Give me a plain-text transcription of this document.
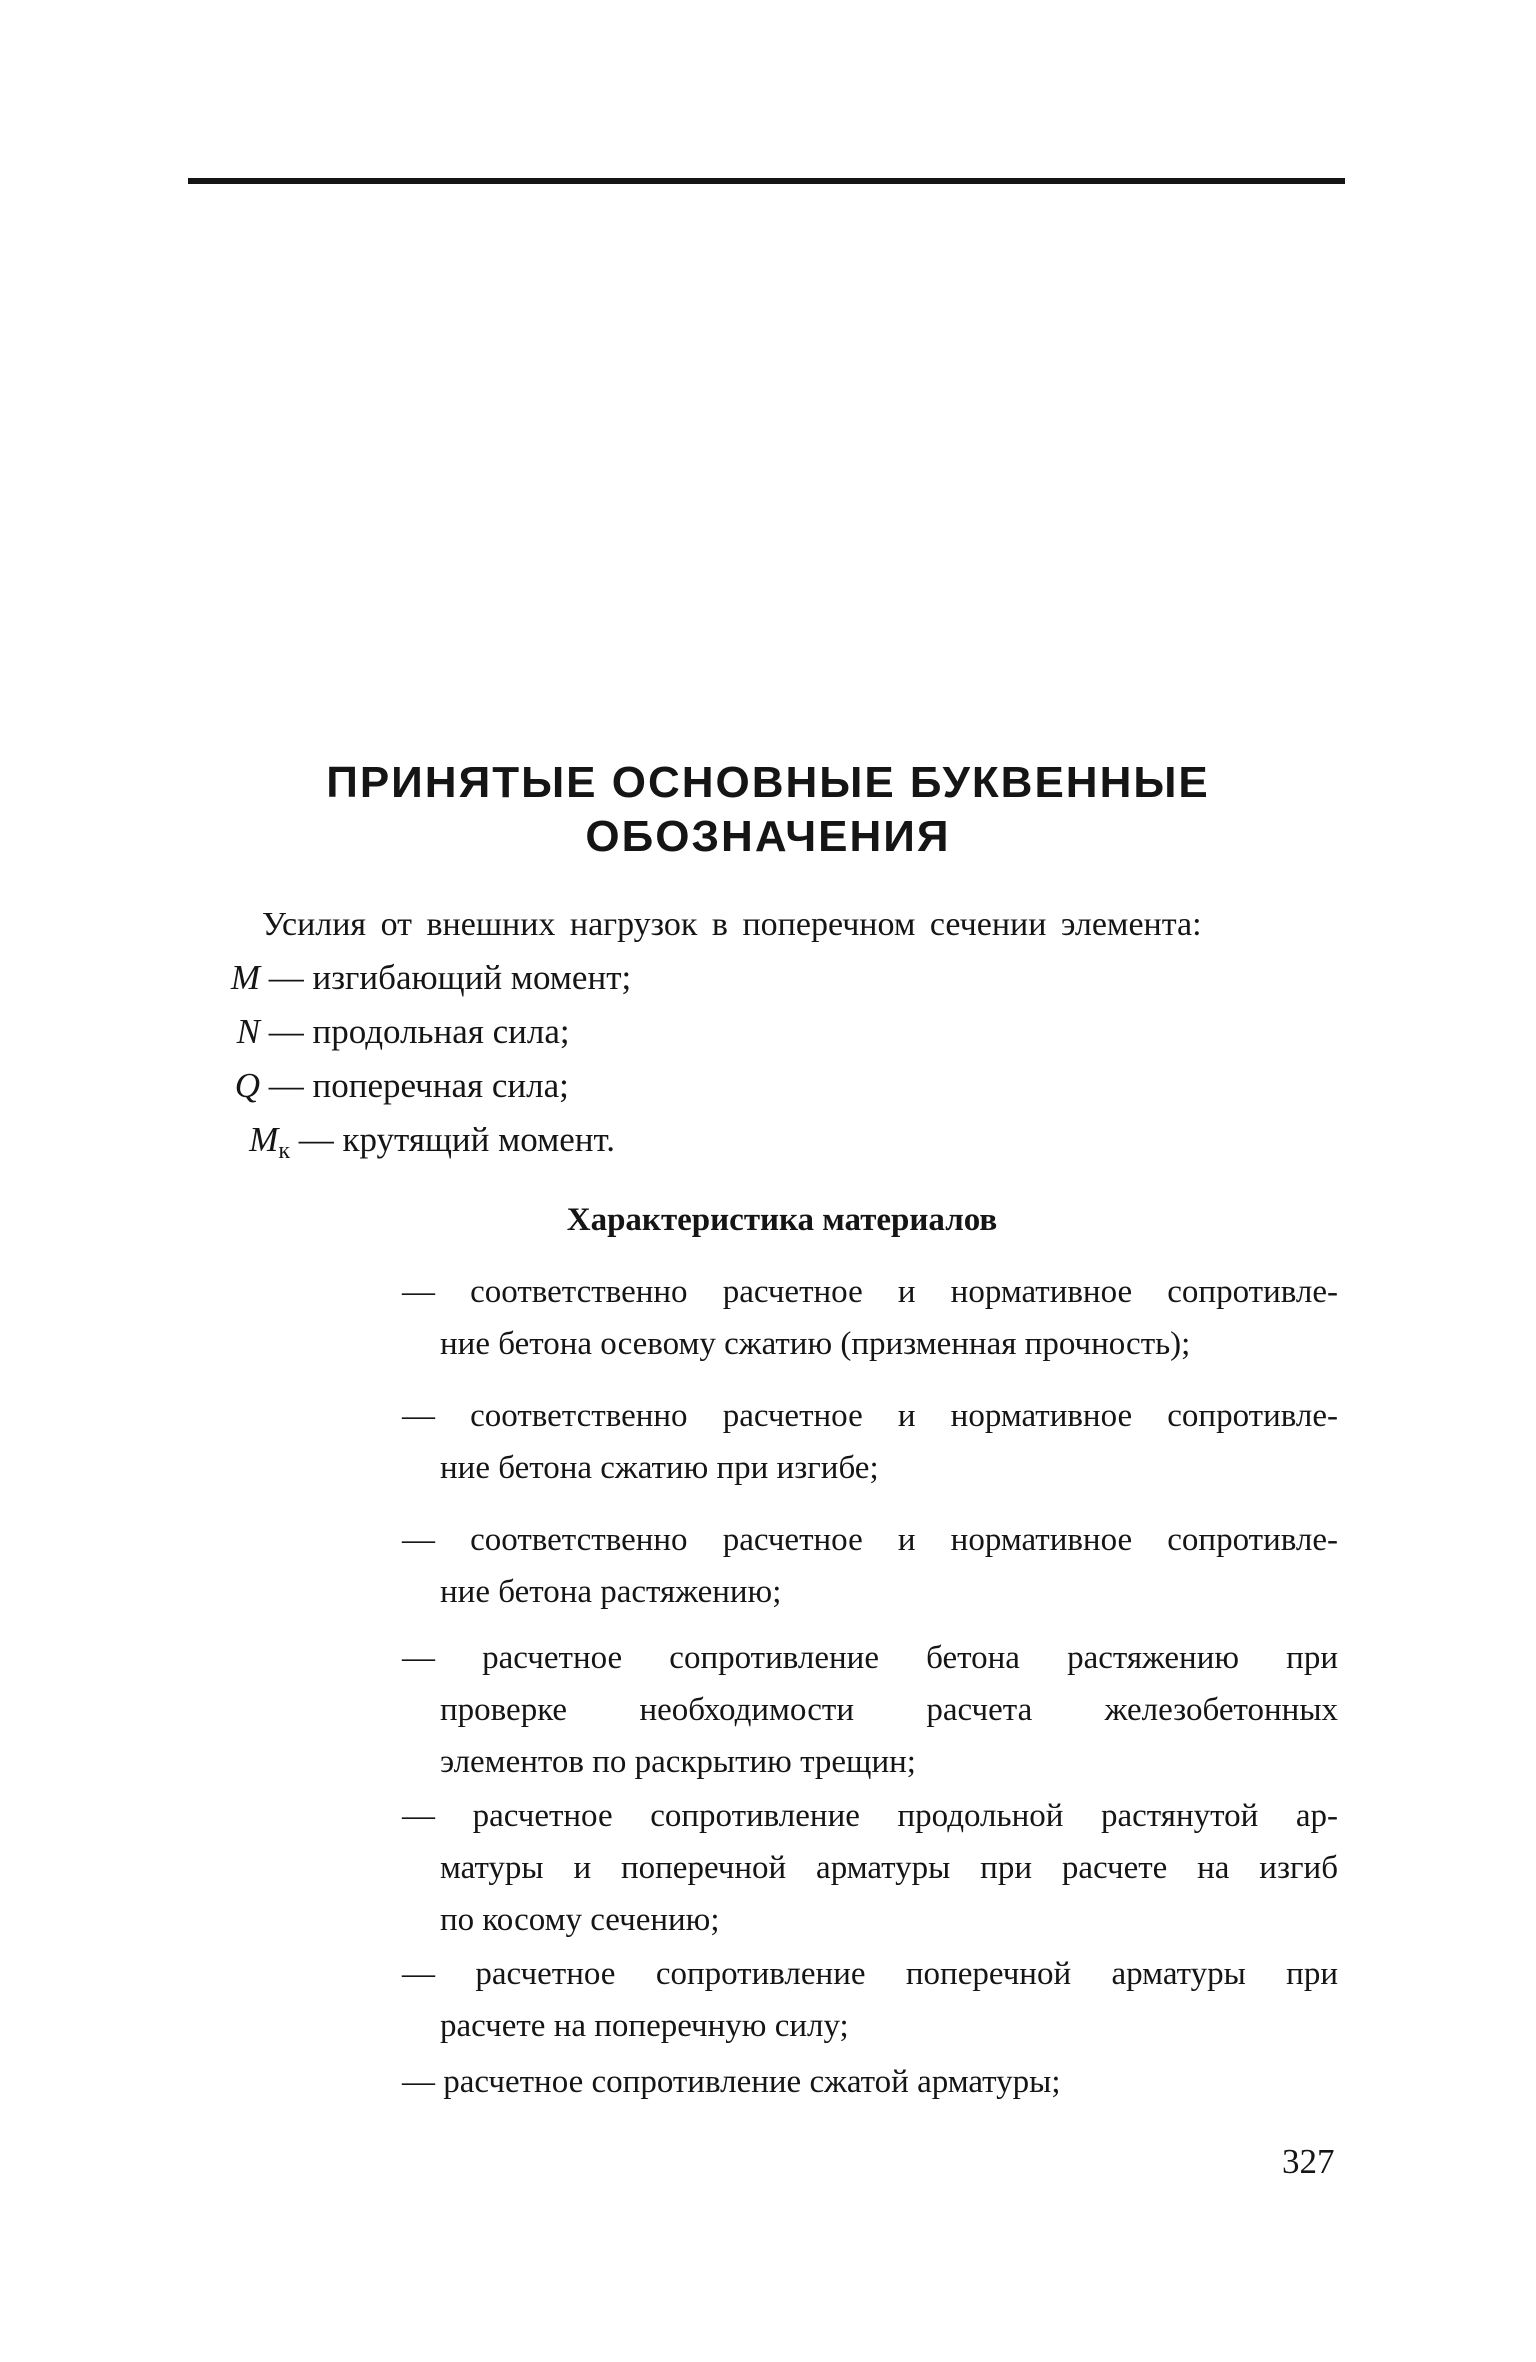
ПРИНЯТЫЕ ОСНОВНЫЕ БУКВЕННЫЕ
ОБОЗНАЧЕНИЯ
Усилия от внешних нагрузок в поперечном сечении элемента:
M — изгибающий момент;
N — продольная сила;
Q — поперечная сила;
$M_к$ — крутящий момент.
Характеристика материалов

— соответственно расчетное и нормативное сопротивле-
ние бетона осевому сжатию (призменная прочность);

— соответственно расчетное и нормативное сопротивле-
ние бетона сжатию при изгибе;

— соответственно расчетное и нормативное сопротивле-
ние бетона растяжению;
— расчетное сопротивление бетона растяжению при
проверке необходимости расчета железобетонных
элементов по раскрытию трещин;
— расчетное сопротивление продольной растянутой ар-
матуры и поперечной арматуры при расчете на изгиб
по косому сечению;
— расчетное сопротивление поперечной арматуры при
расчете на поперечную силу;
— расчетное сопротивление сжатой арматуры;
327
